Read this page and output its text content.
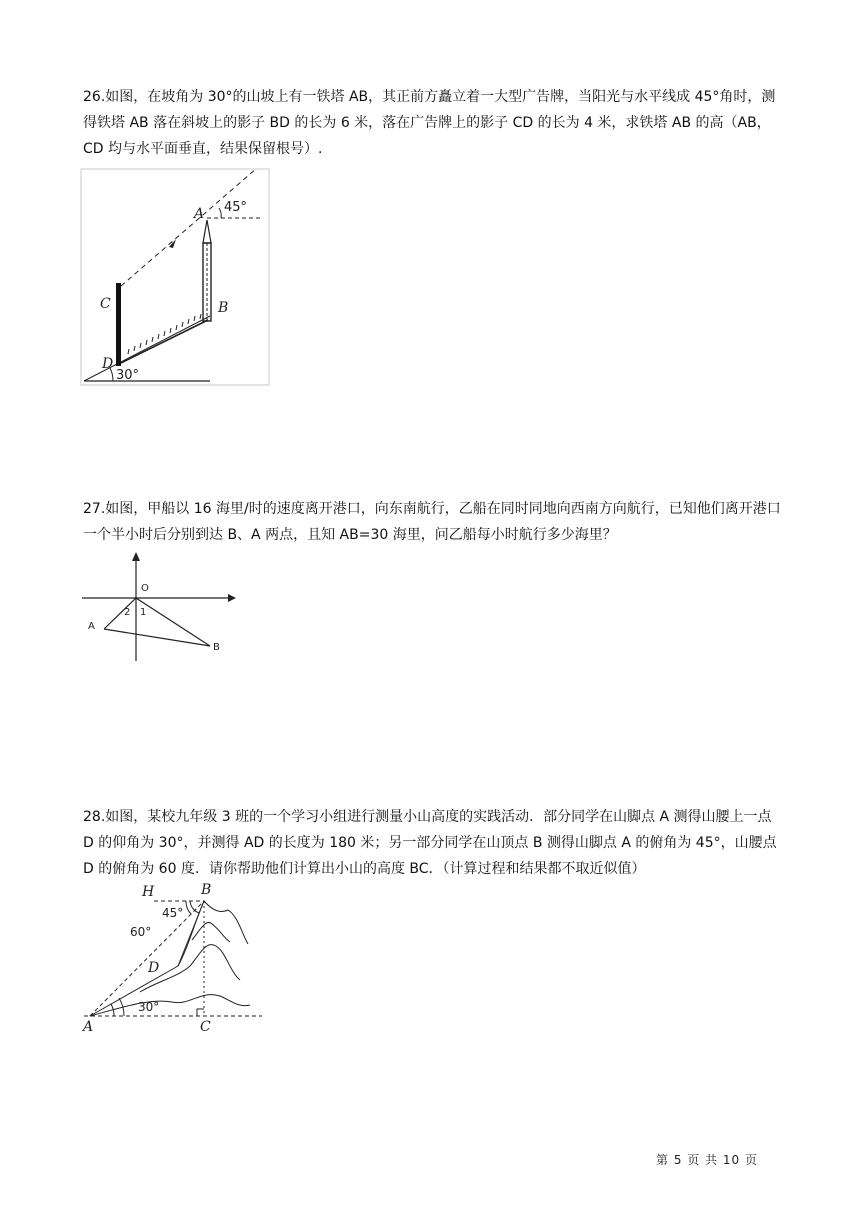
26.如图，在坡角为 30°的山坡上有一铁塔 AB，其正前方矗立着一大型广告牌，当阳光与水平线成 45°角时，测得铁塔 AB 落在斜坡上的影子 BD 的长为 6 米，落在广告牌上的影子 CD 的长为 4 米，求铁塔 AB 的高（AB，CD 均与水平面垂直，结果保留根号）.

A
B
C
D
45°
30°

27.如图，甲船以 16 海里/时的速度离开港口，向东南航行，乙船在同时同地向西南方向航行，已知他们离开港口一个半小时后分别到达 B、A 两点，且知 AB=30 海里，问乙船每小时航行多少海里？

O
A
B
1
2

28.如图，某校九年级 3 班的一个学习小组进行测量小山高度的实践活动．部分同学在山脚点 A 测得山腰上一点 D 的仰角为 30°，并测得 AD 的长度为 180 米；另一部分同学在山顶点 B 测得山脚点 A 的俯角为 45°，山腰点 D 的俯角为 60 度．请你帮助他们计算出小山的高度 BC．（计算过程和结果都不取近似值）

H	B
D
A	C
45°
60°
30°
第 5 页 共 10 页
